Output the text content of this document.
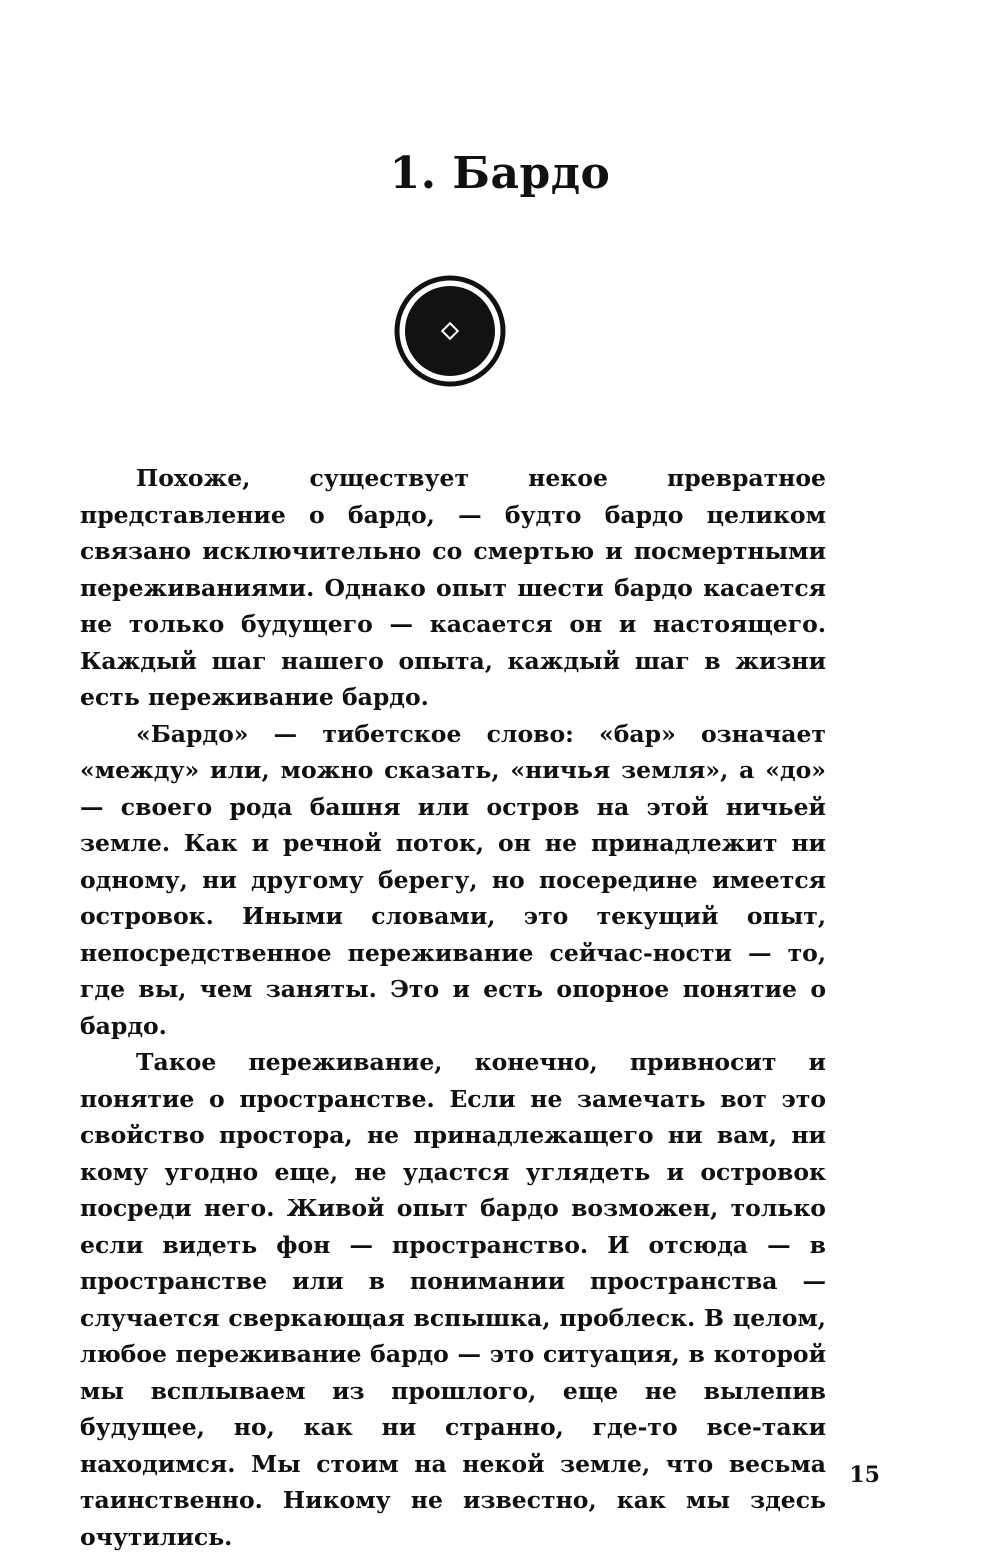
1. Бардо

Похоже, существует некое превратное представление о бардо, — будто бардо целиком связано исключительно со смертью и посмертными переживаниями. Однако опыт шести бардо касается не только будущего — касается он и настоящего. Каждый шаг нашего опыта, каждый шаг в жизни есть переживание бардо.

«Бардо» — тибетское слово: «бар» означает «между» или, можно сказать, «ничья земля», а «до» — своего рода башня или остров на этой ничьей земле. Как и речной поток, он не принадлежит ни одному, ни другому берегу, но посередине имеется островок. Иными словами, это текущий опыт, непосредственное переживание сейчас-ности — то, где вы, чем заняты. Это и есть опорное понятие о бардо.

Такое переживание, конечно, привносит и понятие о пространстве. Если не замечать вот это свойство простора, не принадлежащего ни вам, ни кому угодно еще, не удастся углядеть и островок посреди него. Живой опыт бардо возможен, только если видеть фон — пространство. И отсюда — в пространстве или в понимании пространства — случается сверкающая вспышка, проблеск. В целом, любое переживание бардо — это ситуация, в которой мы всплываем из прошлого, еще не вылепив будущее, но, как ни странно, где-то все-таки находимся. Мы стоим на некой земле, что весьма таинственно. Никому не известно, как мы здесь очутились.

15
